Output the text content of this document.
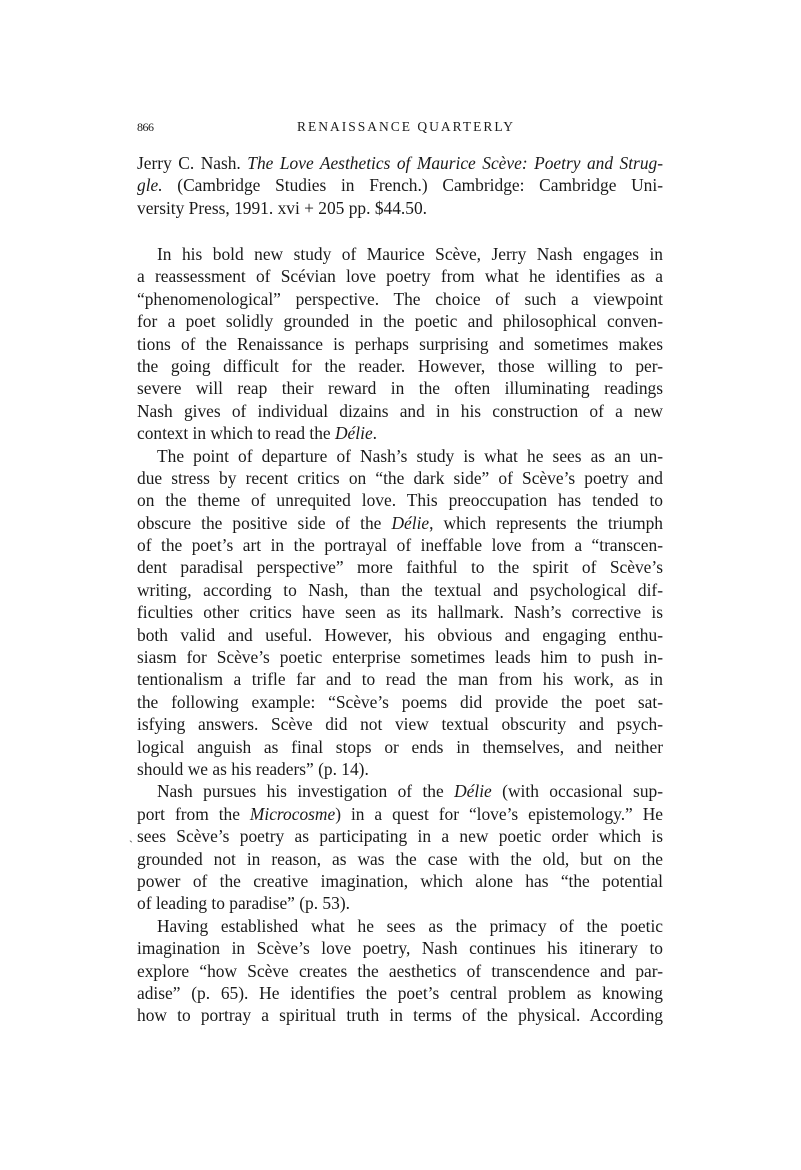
866	RENAISSANCE QUARTERLY
Jerry C. Nash. The Love Aesthetics of Maurice Scève: Poetry and Strug-
gle. (Cambridge Studies in French.) Cambridge: Cambridge Uni-
versity Press, 1991. xvi + 205 pp. $44.50.
In his bold new study of Maurice Scève, Jerry Nash engages in
a reassessment of Scévian love poetry from what he identifies as a
“phenomenological” perspective. The choice of such a viewpoint
for a poet solidly grounded in the poetic and philosophical conven-
tions of the Renaissance is perhaps surprising and sometimes makes
the going difficult for the reader. However, those willing to per-
severe will reap their reward in the often illuminating readings
Nash gives of individual dizains and in his construction of a new
context in which to read the Délie.
The point of departure of Nash’s study is what he sees as an un-
due stress by recent critics on “the dark side” of Scève’s poetry and
on the theme of unrequited love. This preoccupation has tended to
obscure the positive side of the Délie, which represents the triumph
of the poet’s art in the portrayal of ineffable love from a “transcen-
dent paradisal perspective” more faithful to the spirit of Scève’s
writing, according to Nash, than the textual and psychological dif-
ficulties other critics have seen as its hallmark. Nash’s corrective is
both valid and useful. However, his obvious and engaging enthu-
siasm for Scève’s poetic enterprise sometimes leads him to push in-
tentionalism a trifle far and to read the man from his work, as in
the following example: “Scève’s poems did provide the poet sat-
isfying answers. Scève did not view textual obscurity and psych-
logical anguish as final stops or ends in themselves, and neither
should we as his readers” (p. 14).
Nash pursues his investigation of the Délie (with occasional sup-
port from the Microcosme) in a quest for “love’s epistemology.” He
ˏ sees Scève’s poetry as participating in a new poetic order which is
grounded not in reason, as was the case with the old, but on the
power of the creative imagination, which alone has “the potential
of leading to paradise” (p. 53).
Having established what he sees as the primacy of the poetic
imagination in Scève’s love poetry, Nash continues his itinerary to
explore “how Scève creates the aesthetics of transcendence and par-
adise” (p. 65). He identifies the poet’s central problem as knowing
how to portray a spiritual truth in terms of the physical. According
